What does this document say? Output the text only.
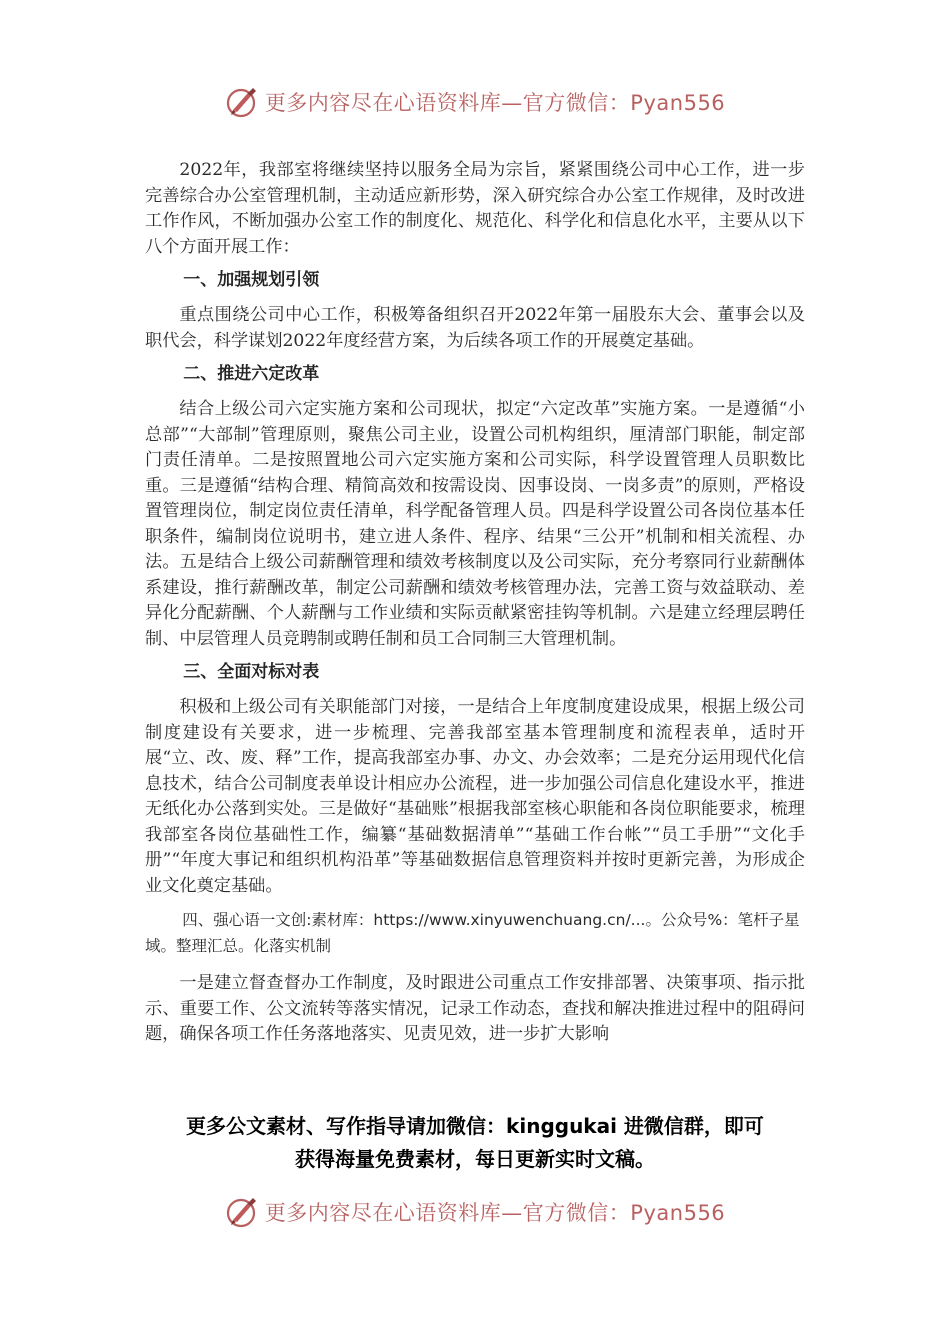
更多内容尽在心语资料库—官方微信：Pyan556

2022年，我部室将继续坚持以服务全局为宗旨，紧紧围绕公司中心工作，进一步完善综合办公室管理机制，主动适应新形势，深入研究综合办公室工作规律，及时改进工作作风，不断加强办公室工作的制度化、规范化、科学化和信息化水平，主要从以下八个方面开展工作：

一、加强规划引领

重点围绕公司中心工作，积极筹备组织召开2022年第一届股东大会、董事会以及职代会，科学谋划2022年度经营方案，为后续各项工作的开展奠定基础。

二、推进六定改革

结合上级公司六定实施方案和公司现状，拟定“六定改革”实施方案。一是遵循“小总部”“大部制”管理原则，聚焦公司主业，设置公司机构组织，厘清部门职能，制定部门责任清单。二是按照置地公司六定实施方案和公司实际，科学设置管理人员职数比重。三是遵循“结构合理、精简高效和按需设岗、因事设岗、一岗多责”的原则，严格设置管理岗位，制定岗位责任清单，科学配备管理人员。四是科学设置公司各岗位基本任职条件，编制岗位说明书，建立进人条件、程序、结果“三公开”机制和相关流程、办法。五是结合上级公司薪酬管理和绩效考核制度以及公司实际，充分考察同行业薪酬体系建设，推行薪酬改革，制定公司薪酬和绩效考核管理办法，完善工资与效益联动、差异化分配薪酬、个人薪酬与工作业绩和实际贡献紧密挂钩等机制。六是建立经理层聘任制、中层管理人员竞聘制或聘任制和员工合同制三大管理机制。

三、全面对标对表

积极和上级公司有关职能部门对接，一是结合上年度制度建设成果，根据上级公司制度建设有关要求，进一步梳理、完善我部室基本管理制度和流程表单，适时开展“立、改、废、释”工作，提高我部室办事、办文、办会效率；二是充分运用现代化信息技术，结合公司制度表单设计相应办公流程，进一步加强公司信息化建设水平，推进无纸化办公落到实处。三是做好“基础账”根据我部室核心职能和各岗位职能要求，梳理我部室各岗位基础性工作，编纂“基础数据清单”“基础工作台帐”“员工手册”“文化手册”“年度大事记和组织机构沿革”等基础数据信息管理资料并按时更新完善，为形成企业文化奠定基础。

四、强心语一文创:素材库：https://www.xinyuwenchuang.cn/...。公众号%：笔杆子星域。整理汇总。化落实机制

一是建立督查督办工作制度，及时跟进公司重点工作安排部署、决策事项、指示批示、重要工作、公文流转等落实情况，记录工作动态，查找和解决推进过程中的阻碍问题，确保各项工作任务落地落实、见责见效，进一步扩大影响

更多公文素材、写作指导请加微信：kinggukai 进微信群，即可
获得海量免费素材，每日更新实时文稿。
更多内容尽在心语资料库—官方微信：Pyan556
